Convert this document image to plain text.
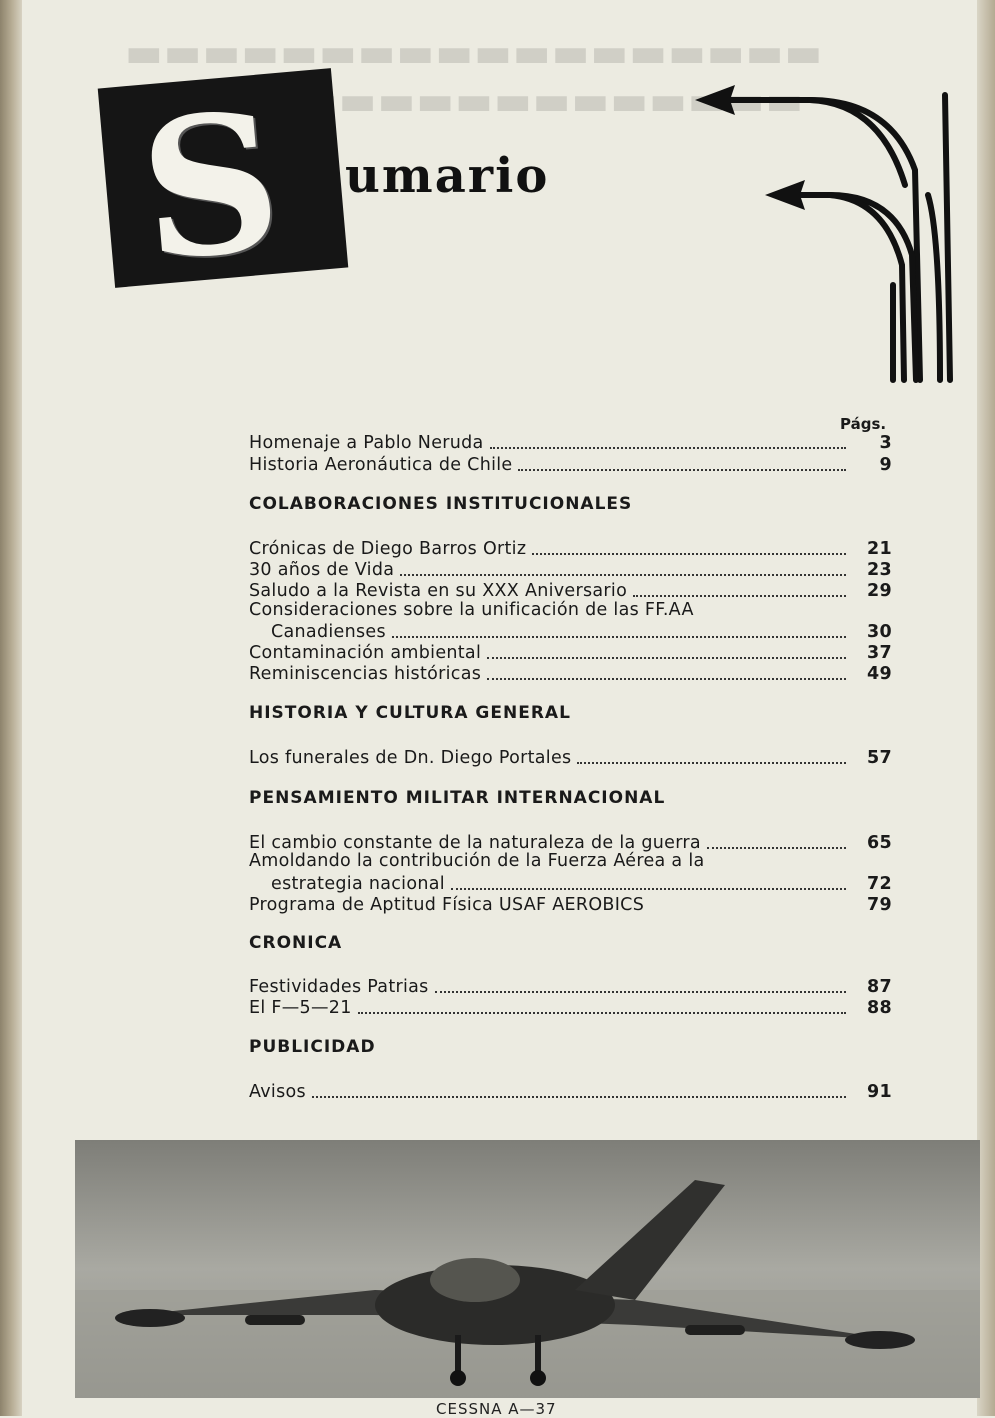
▬▬▬▬▬▬▬▬▬▬▬▬▬▬▬▬▬▬
▬▬▬▬▬▬▬▬▬▬▬▬▬
S umario
Págs.
Homenaje a Pablo Neruda	3
Historia Aeronáutica de Chile	9
COLABORACIONES INSTITUCIONALES
Crónicas de Diego Barros Ortiz	21
30 años de Vida	23
Saludo a la Revista en su XXX Aniversario	29
Consideraciones sobre la unificación de las FF.AA
Canadienses	30
Contaminación ambiental	37
Reminiscencias históricas	49
HISTORIA Y CULTURA GENERAL
Los funerales de Dn. Diego Portales	57
PENSAMIENTO MILITAR INTERNACIONAL
El cambio constante de la naturaleza de la guerra	65
Amoldando la contribución de la Fuerza Aérea a la
estrategia nacional	72
Programa de Aptitud Física USAF AEROBICS	79
CRONICA
Festividades Patrias	87
El F—5—21	88
PUBLICIDAD
Avisos	91
CESSNA A—37
